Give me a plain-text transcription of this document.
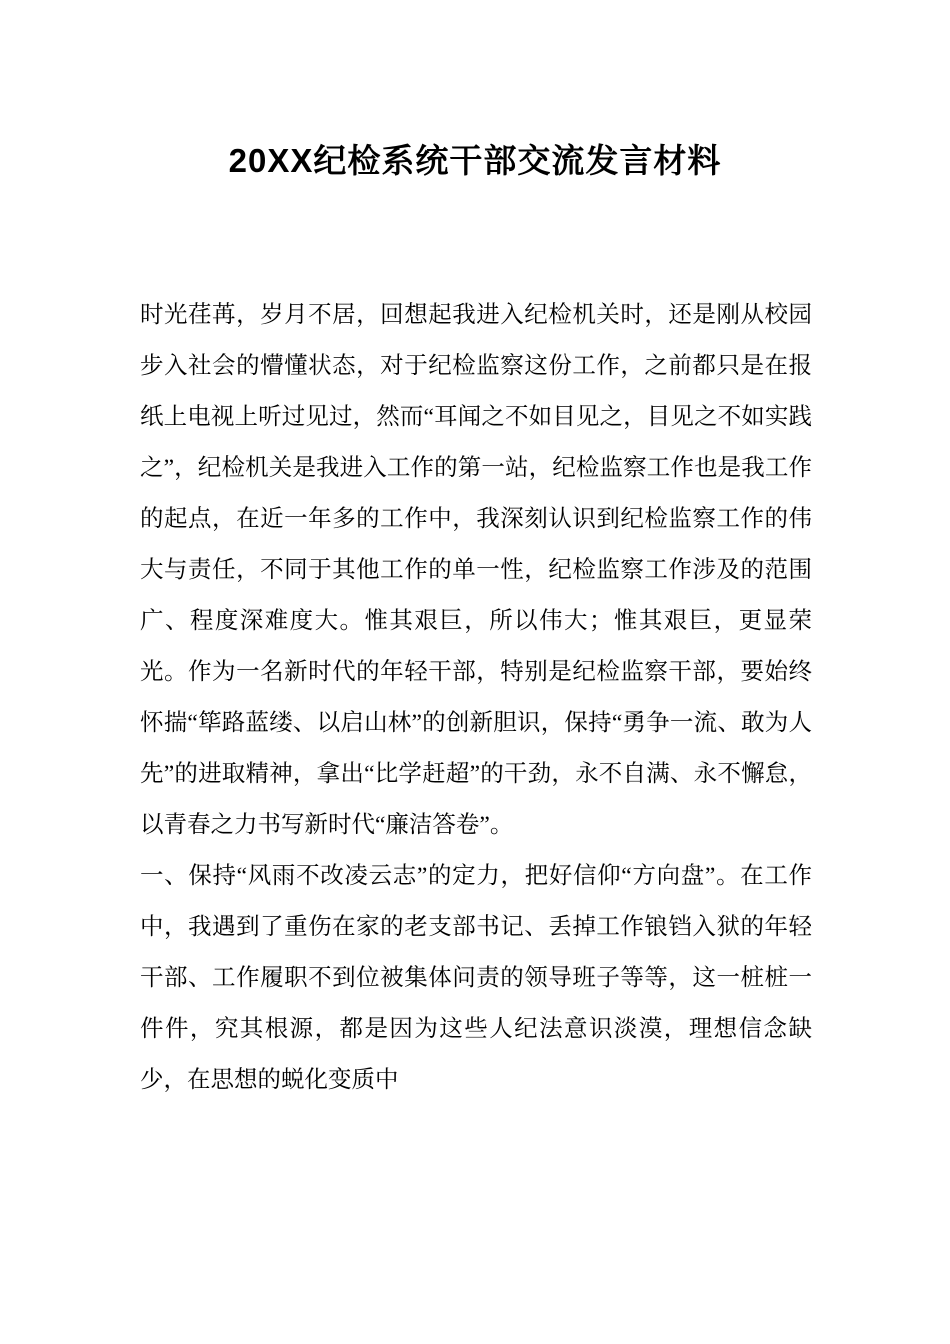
20XX纪检系统干部交流发言材料

时光荏苒，岁月不居，回想起我进入纪检机关时，还是刚从校园步入社会的懵懂状态，对于纪检监察这份工作，之前都只是在报纸上电视上听过见过，然而“耳闻之不如目见之，目见之不如实践之”，纪检机关是我进入工作的第一站，纪检监察工作也是我工作的起点，在近一年多的工作中，我深刻认识到纪检监察工作的伟大与责任，不同于其他工作的单一性，纪检监察工作涉及的范围广、程度深难度大。惟其艰巨，所以伟大；惟其艰巨，更显荣光。作为一名新时代的年轻干部，特别是纪检监察干部，要始终怀揣“筚路蓝缕、以启山林”的创新胆识，保持“勇争一流、敢为人先”的进取精神，拿出“比学赶超”的干劲，永不自满、永不懈怠，以青春之力书写新时代“廉洁答卷”。

一、保持“风雨不改凌云志”的定力，把好信仰“方向盘”。在工作中，我遇到了重伤在家的老支部书记、丢掉工作锒铛入狱的年轻干部、工作履职不到位被集体问责的领导班子等等，这一桩桩一件件，究其根源，都是因为这些人纪法意识淡漠，理想信念缺少，在思想的蜕化变质中
